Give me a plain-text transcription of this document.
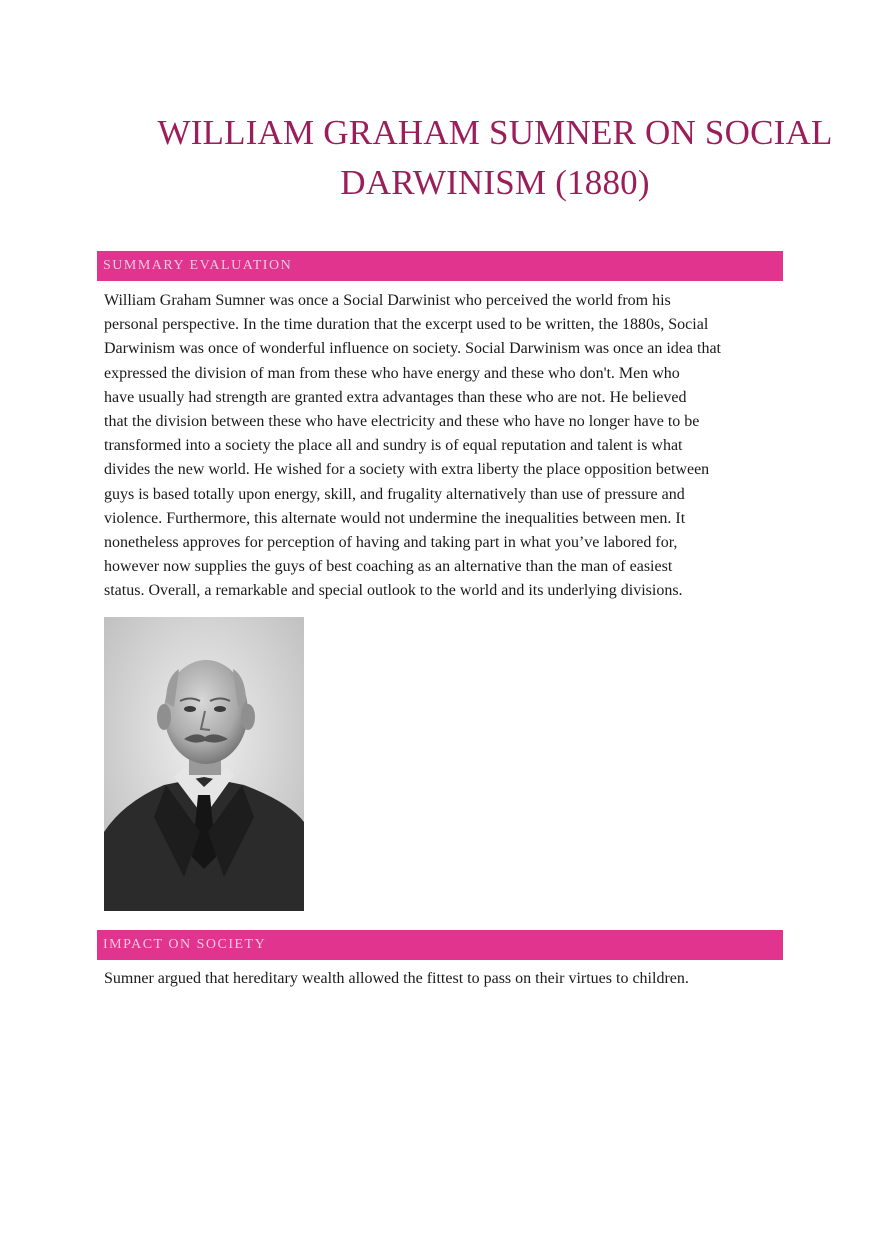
WILLIAM GRAHAM SUMNER ON SOCIAL
DARWINISM (1880)
SUMMARY EVALUATION
William Graham Sumner was once a Social Darwinist who perceived the world from his
personal perspective. In the time duration that the excerpt used to be written, the 1880s, Social
Darwinism was once of wonderful influence on society. Social Darwinism was once an idea that
expressed the division of man from these who have energy and these who don't. Men who
have usually had strength are granted extra advantages than these who are not. He believed
that the division between these who have electricity and these who have no longer have to be
transformed into a society the place all and sundry is of equal reputation and talent is what
divides the new world. He wished for a society with extra liberty the place opposition between
guys is based totally upon energy, skill, and frugality alternatively than use of pressure and
violence. Furthermore, this alternate would not undermine the inequalities between men. It
nonetheless approves for perception of having and taking part in what you’ve labored for,
however now supplies the guys of best coaching as an alternative than the man of easiest
status. Overall, a remarkable and special outlook to the world and its underlying divisions.
IMPACT ON SOCIETY
Sumner argued that hereditary wealth allowed the fittest to pass on their virtues to children.
